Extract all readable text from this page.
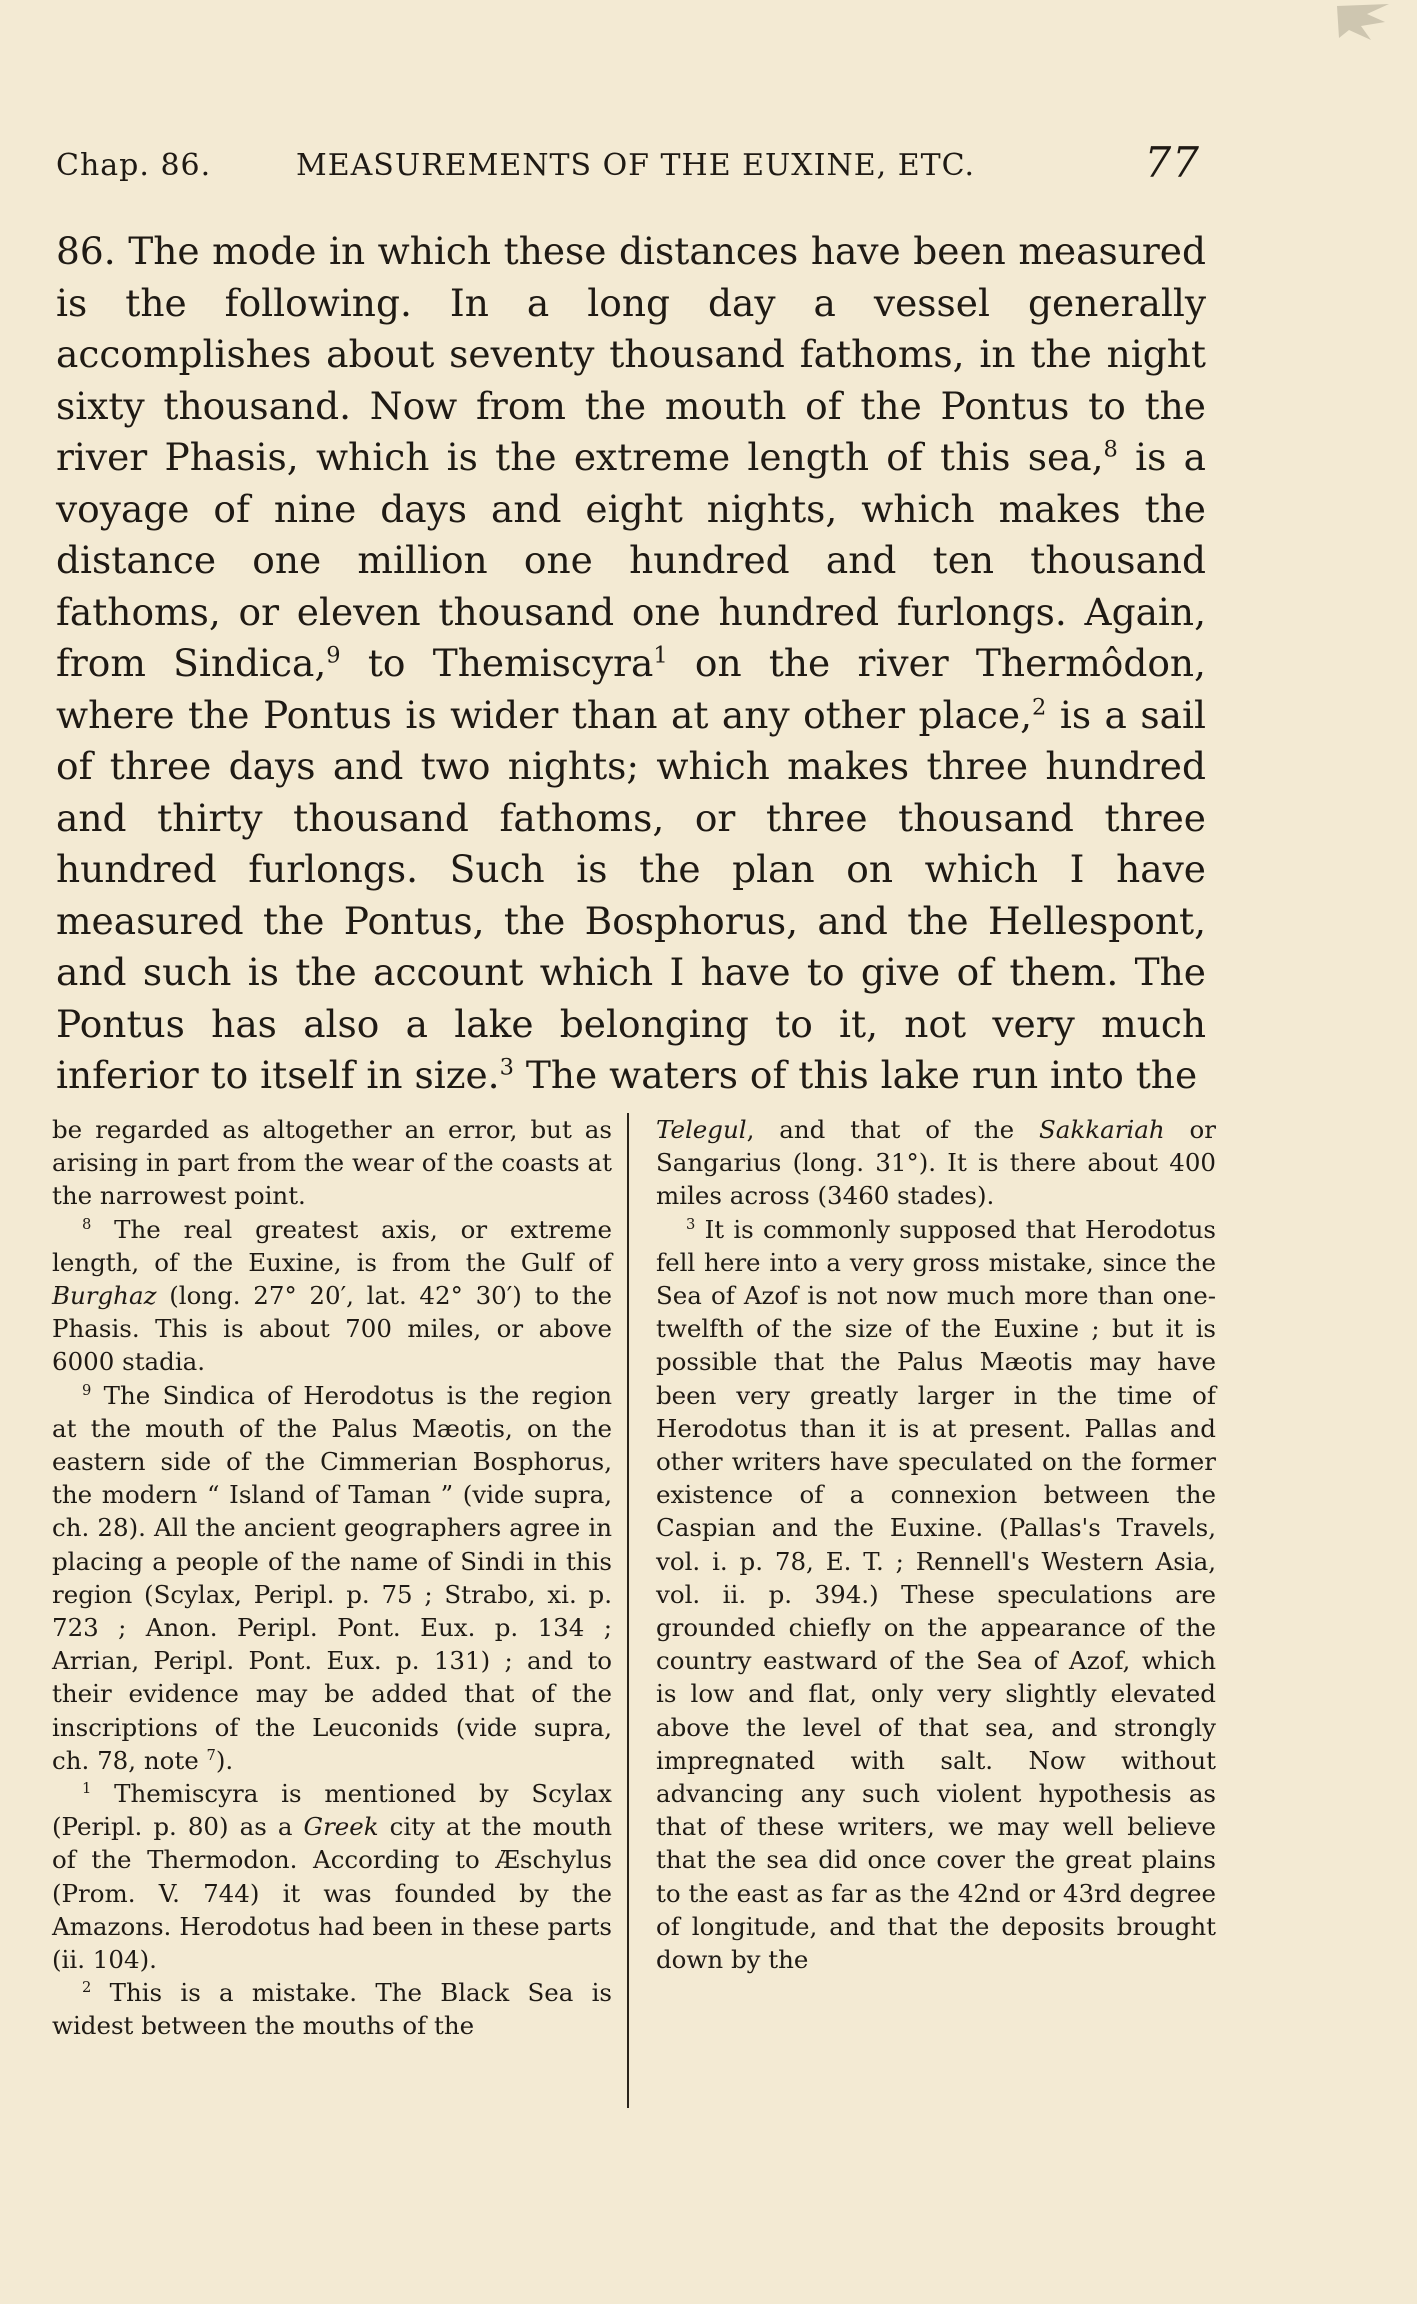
Chap. 86.	MEASUREMENTS OF THE EUXINE, ETC.	77

86. The mode in which these distances have been measured is the following. In a long day a vessel generally accomplishes about seventy thousand fathoms, in the night sixty thousand. Now from the mouth of the Pontus to the river Phasis, which is the extreme length of this sea,$^8$ is a voyage of nine days and eight nights, which makes the distance one million one hundred and ten thousand fathoms, or eleven thousand one hundred furlongs. Again, from Sindica,$^9$ to Themiscyra$^1$ on the river Thermôdon, where the Pontus is wider than at any other place,$^2$ is a sail of three days and two nights; which makes three hundred and thirty thousand fathoms, or three thousand three hundred furlongs. Such is the plan on which I have measured the Pontus, the Bosphorus, and the Hellespont, and such is the account which I have to give of them. The Pontus has also a lake belonging to it, not very much inferior to itself in size.$^3$ The waters of this lake run into the

be regarded as altogether an error, but as arising in part from the wear of the coasts at the narrowest point.

$^8$ The real greatest axis, or extreme length, of the Euxine, is from the Gulf of Burghaz (long. 27° 20′, lat. 42° 30′) to the Phasis. This is about 700 miles, or above 6000 stadia.

$^9$ The Sindica of Herodotus is the region at the mouth of the Palus Mæotis, on the eastern side of the Cimmerian Bosphorus, the modern “ Island of Taman ” (vide supra, ch. 28). All the ancient geographers agree in placing a people of the name of Sindi in this region (Scylax, Peripl. p. 75 ; Strabo, xi. p. 723 ; Anon. Peripl. Pont. Eux. p. 134 ; Arrian, Peripl. Pont. Eux. p. 131) ; and to their evidence may be added that of the inscriptions of the Leuconids (vide supra, ch. 78, note $^7$).

$^1$ Themiscyra is mentioned by Scylax (Peripl. p. 80) as a Greek city at the mouth of the Thermodon. According to Æschylus (Prom. V. 744) it was founded by the Amazons. Herodotus had been in these parts (ii. 104).

$^2$ This is a mistake. The Black Sea is widest between the mouths of the

Telegul, and that of the Sakkariah or Sangarius (long. 31°). It is there about 400 miles across (3460 stades).

$^3$ It is commonly supposed that Herodotus fell here into a very gross mistake, since the Sea of Azof is not now much more than one-twelfth of the size of the Euxine ; but it is possible that the Palus Mæotis may have been very greatly larger in the time of Herodotus than it is at present. Pallas and other writers have speculated on the former existence of a connexion between the Caspian and the Euxine. (Pallas's Travels, vol. i. p. 78, E. T. ; Rennell's Western Asia, vol. ii. p. 394.) These speculations are grounded chiefly on the appearance of the country eastward of the Sea of Azof, which is low and flat, only very slightly elevated above the level of that sea, and strongly impregnated with salt. Now without advancing any such violent hypothesis as that of these writers, we may well believe that the sea did once cover the great plains to the east as far as the 42nd or 43rd degree of longitude, and that the deposits brought down by the
